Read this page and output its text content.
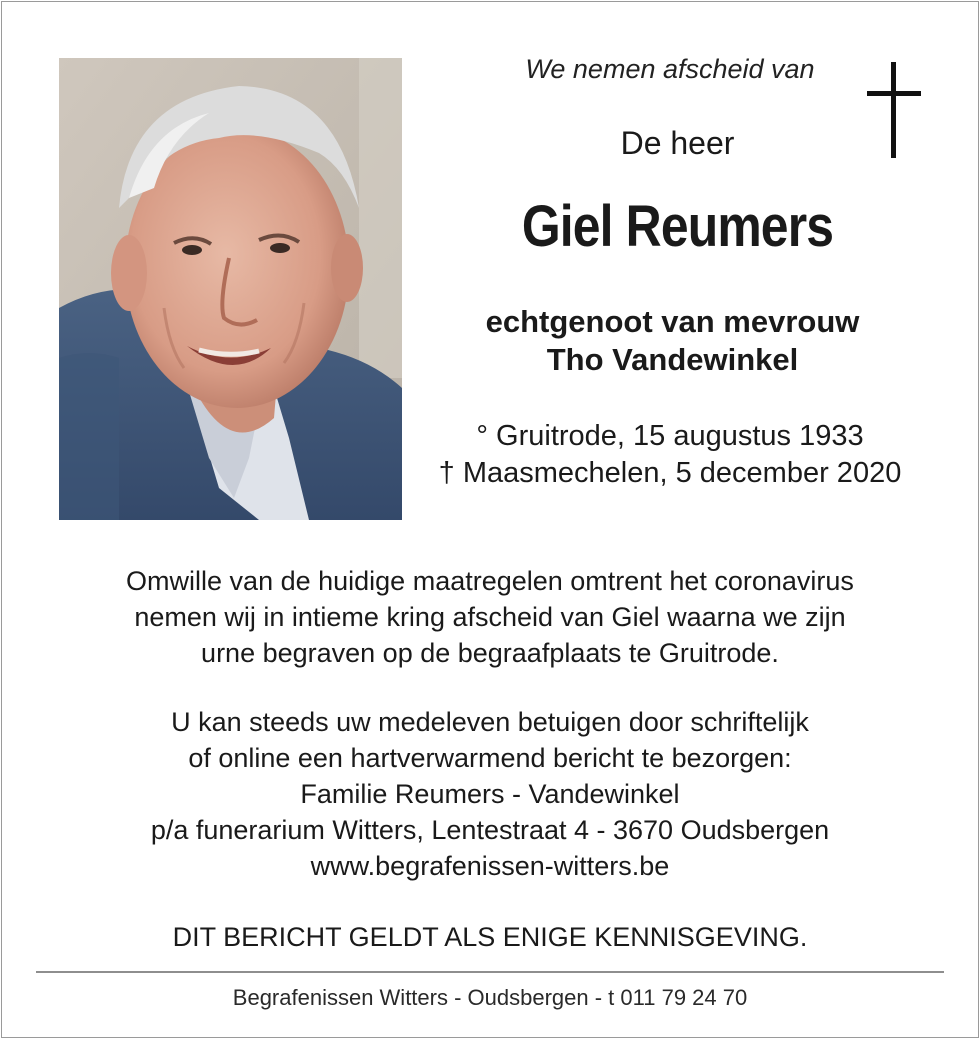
We nemen afscheid van
De heer
Giel Reumers
echtgenoot van mevrouw
Tho Vandewinkel
° Gruitrode, 15 augustus 1933
† Maasmechelen, 5 december 2020

Omwille van de huidige maatregelen omtrent het coronavirus

nemen wij in intieme kring afscheid van Giel waarna we zijn

urne begraven op de begraafplaats te Gruitrode.

U kan steeds uw medeleven betuigen door schriftelijk

of online een hartverwarmend bericht te bezorgen:

Familie Reumers - Vandewinkel

p/a funerarium Witters, Lentestraat 4 - 3670 Oudsbergen

www.begrafenissen-witters.be

DIT BERICHT GELDT ALS ENIGE KENNISGEVING.
Begrafenissen Witters - Oudsbergen - t 011 79 24 70
